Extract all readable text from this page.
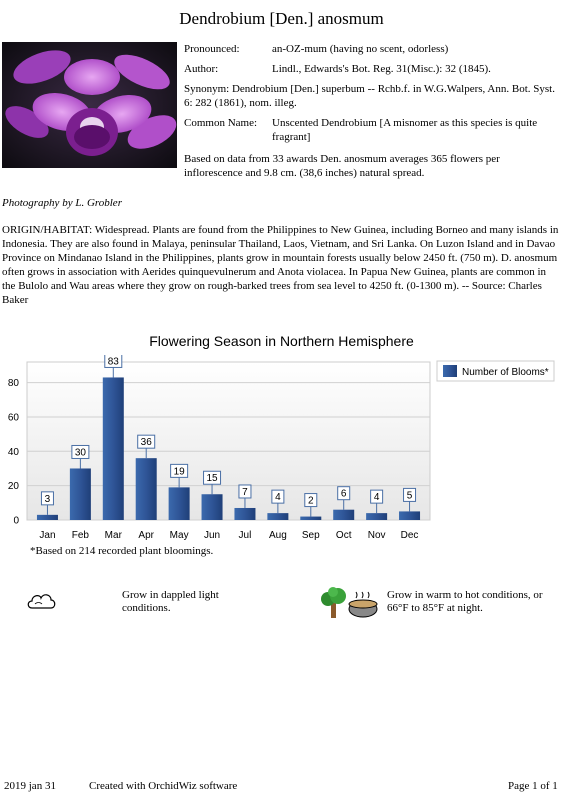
Dendrobium [Den.] anosmum
Pronounced:	an-OZ-mum (having no scent, odorless)
Author:	Lindl., Edwards's Bot. Reg. 31(Misc.): 32 (1845).
Synonym: Dendrobium [Den.] superbum -- Rchb.f. in W.G.Walpers, Ann. Bot. Syst. 6: 282 (1861), nom. illeg.
Common Name:	Unscented Dendrobium [A misnomer as this species is quite fragrant]
Based on data from 33 awards Den. anosmum averages 365 flowers per inflorescence and 9.8 cm. (38,6 inches) natural spread.
Photography by L. Grobler
ORIGIN/HABITAT: Widespread. Plants are found from the Philippines to New Guinea, including Borneo and many islands in Indonesia. They are also found in Malaya, peninsular Thailand, Laos, Vietnam, and Sri Lanka. On Luzon Island and in Davao Province on Mindanao Island in the Philippines, plants grow in mountain forests usually below 2450 ft. (750 m). D. anosmum often grows in association with Aerides quinquevulnerum and Anota violacea. In Papua New Guinea, plants are common in the Bulolo and Wau areas where they grow on rough-barked trees from sea level to 4250 ft. (0-1300 m). -- Source: Charles Baker
Flowering Season in Northern Hemisphere
0
20
40
60
80
3
30
83
36
19
15
7	4	2
6	4	5
Jan Feb Mar Apr May Jun Jul Aug Sep Oct Nov Dec
Number of Blooms*
*Based on 214 recorded plant bloomings.
Grow in dappled light conditions.
Grow in warm to hot conditions, or 66°F to 85°F at night.
2019 jan 31	Created with OrchidWiz software	Page 1 of 1
